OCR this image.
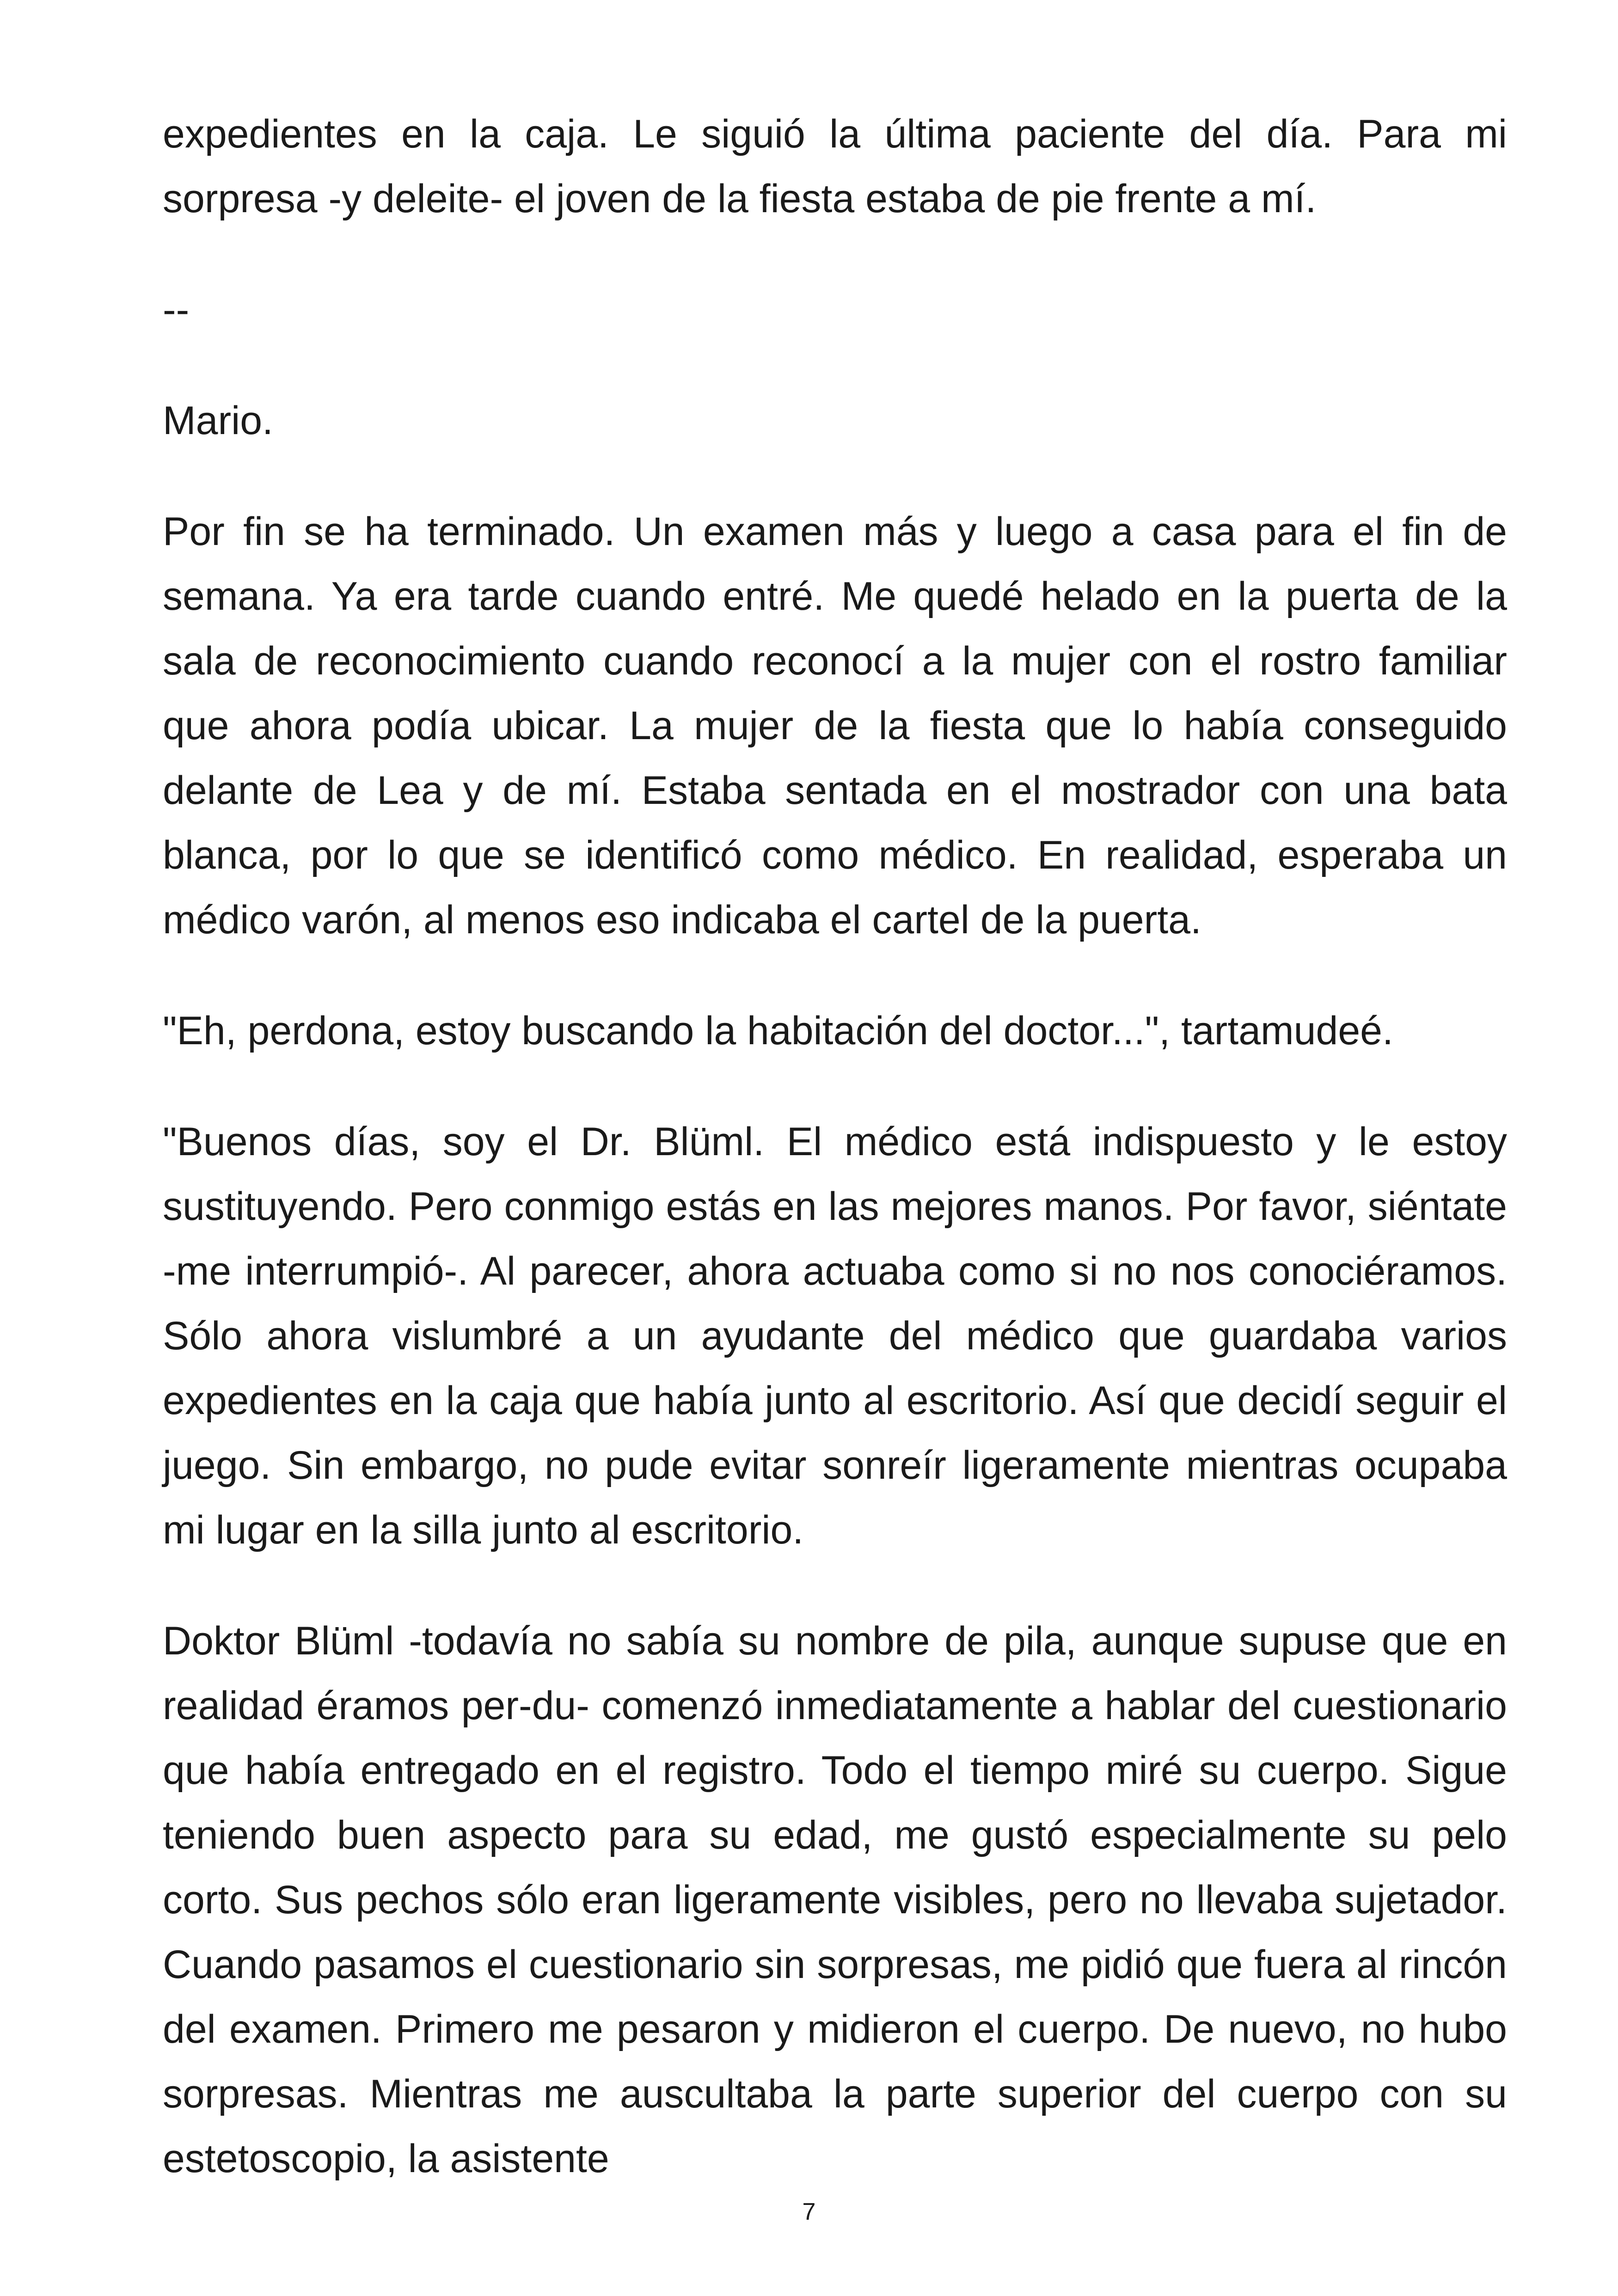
expedientes en la caja. Le siguió la última paciente del día. Para mi sorpresa -y deleite- el joven de la fiesta estaba de pie frente a mí.

--

Mario.

Por fin se ha terminado. Un examen más y luego a casa para el fin de semana. Ya era tarde cuando entré. Me quedé helado en la puerta de la sala de reconocimiento cuando reconocí a la mujer con el rostro familiar que ahora podía ubicar. La mujer de la fiesta que lo había conseguido delante de Lea y de mí. Estaba sentada en el mostrador con una bata blanca, por lo que se identificó como médico. En realidad, esperaba un médico varón, al menos eso indicaba el cartel de la puerta.

"Eh, perdona, estoy buscando la habitación del doctor...", tartamudeé.

"Buenos días, soy el Dr. Blüml. El médico está indispuesto y le estoy sustituyendo. Pero conmigo estás en las mejores manos. Por favor, siéntate -me interrumpió-. Al parecer, ahora actuaba como si no nos conociéramos. Sólo ahora vislumbré a un ayudante del médico que guardaba varios expedientes en la caja que había junto al escritorio. Así que decidí seguir el juego. Sin embargo, no pude evitar sonreír ligeramente mientras ocupaba mi lugar en la silla junto al escritorio.

Doktor Blüml -todavía no sabía su nombre de pila, aunque supuse que en realidad éramos per-du- comenzó inmediatamente a hablar del cuestionario que había entregado en el registro. Todo el tiempo miré su cuerpo. Sigue teniendo buen aspecto para su edad, me gustó especialmente su pelo corto. Sus pechos sólo eran ligeramente visibles, pero no llevaba sujetador. Cuando pasamos el cuestionario sin sorpresas, me pidió que fuera al rincón del examen. Primero me pesaron y midieron el cuerpo. De nuevo, no hubo sorpresas. Mientras me auscultaba la parte superior del cuerpo con su estetoscopio, la asistente

7
